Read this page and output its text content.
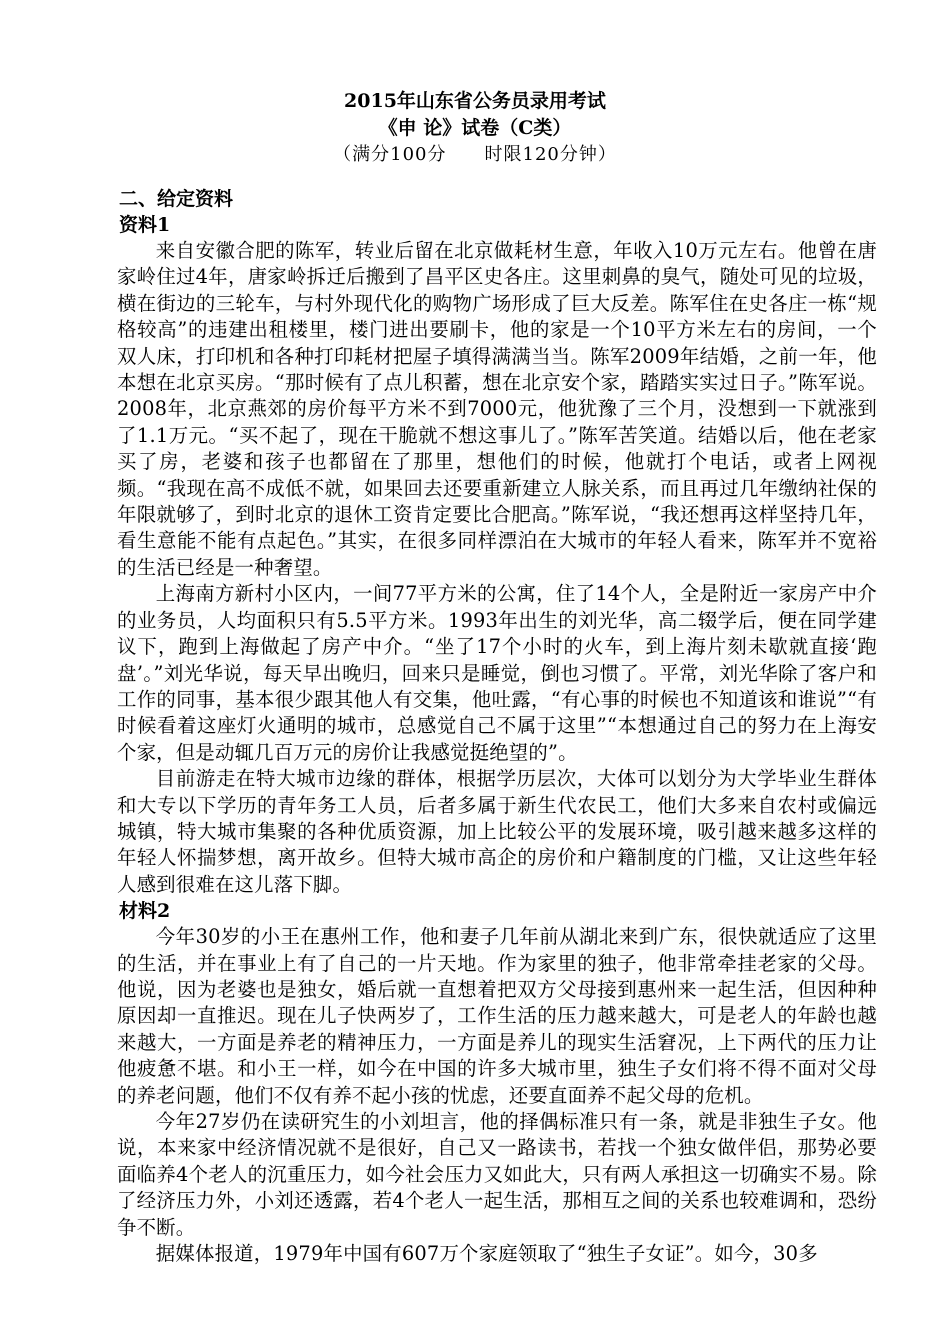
2015年山东省公务员录用考试
《申 论》试卷（C类）
（满分100分　　时限120分钟）
二、给定资料
资料1

来自安徽合肥的陈军，转业后留在北京做耗材生意，年收入10万元左右。他曾在唐家岭住过4年，唐家岭拆迁后搬到了昌平区史各庄。这里刺鼻的臭气，随处可见的垃圾，横在街边的三轮车，与村外现代化的购物广场形成了巨大反差。陈军住在史各庄一栋“规格较高”的违建出租楼里，楼门进出要刷卡，他的家是一个10平方米左右的房间，一个双人床，打印机和各种打印耗材把屋子填得满满当当。陈军2009年结婚，之前一年，他本想在北京买房。“那时候有了点儿积蓄，想在北京安个家，踏踏实实过日子。”陈军说。2008年，北京燕郊的房价每平方米不到7000元，他犹豫了三个月，没想到一下就涨到了1.1万元。“买不起了，现在干脆就不想这事儿了。”陈军苦笑道。结婚以后，他在老家买了房，老婆和孩子也都留在了那里，想他们的时候，他就打个电话，或者上网视频。“我现在高不成低不就，如果回去还要重新建立人脉关系，而且再过几年缴纳社保的年限就够了，到时北京的退休工资肯定要比合肥高。”陈军说，“我还想再这样坚持几年，看生意能不能有点起色。”其实，在很多同样漂泊在大城市的年轻人看来，陈军并不宽裕的生活已经是一种奢望。

上海南方新村小区内，一间77平方米的公寓，住了14个人，全是附近一家房产中介的业务员，人均面积只有5.5平方米。1993年出生的刘光华，高二辍学后，便在同学建议下，跑到上海做起了房产中介。“坐了17个小时的火车，到上海片刻未歇就直接‘跑盘’。”刘光华说，每天早出晚归，回来只是睡觉，倒也习惯了。平常，刘光华除了客户和工作的同事，基本很少跟其他人有交集，他吐露，“有心事的时候也不知道该和谁说”“有时候看着这座灯火通明的城市，总感觉自己不属于这里”“本想通过自己的努力在上海安个家，但是动辄几百万元的房价让我感觉挺绝望的”。

目前游走在特大城市边缘的群体，根据学历层次，大体可以划分为大学毕业生群体和大专以下学历的青年务工人员，后者多属于新生代农民工，他们大多来自农村或偏远城镇，特大城市集聚的各种优质资源，加上比较公平的发展环境，吸引越来越多这样的年轻人怀揣梦想，离开故乡。但特大城市高企的房价和户籍制度的门槛，又让这些年轻人感到很难在这儿落下脚。

材料2

今年30岁的小王在惠州工作，他和妻子几年前从湖北来到广东，很快就适应了这里的生活，并在事业上有了自己的一片天地。作为家里的独子，他非常牵挂老家的父母。他说，因为老婆也是独女，婚后就一直想着把双方父母接到惠州来一起生活，但因种种原因却一直推迟。现在儿子快两岁了，工作生活的压力越来越大，可是老人的年龄也越来越大，一方面是养老的精神压力，一方面是养儿的现实生活窘况，上下两代的压力让他疲惫不堪。和小王一样，如今在中国的许多大城市里，独生子女们将不得不面对父母的养老问题，他们不仅有养不起小孩的忧虑，还要直面养不起父母的危机。

今年27岁仍在读研究生的小刘坦言，他的择偶标准只有一条，就是非独生子女。他说，本来家中经济情况就不是很好，自己又一路读书，若找一个独女做伴侣，那势必要面临养4个老人的沉重压力，如今社会压力又如此大，只有两人承担这一切确实不易。除了经济压力外，小刘还透露，若4个老人一起生活，那相互之间的关系也较难调和，恐纷争不断。

据媒体报道，1979年中国有607万个家庭领取了“独生子女证”。如今，30多
